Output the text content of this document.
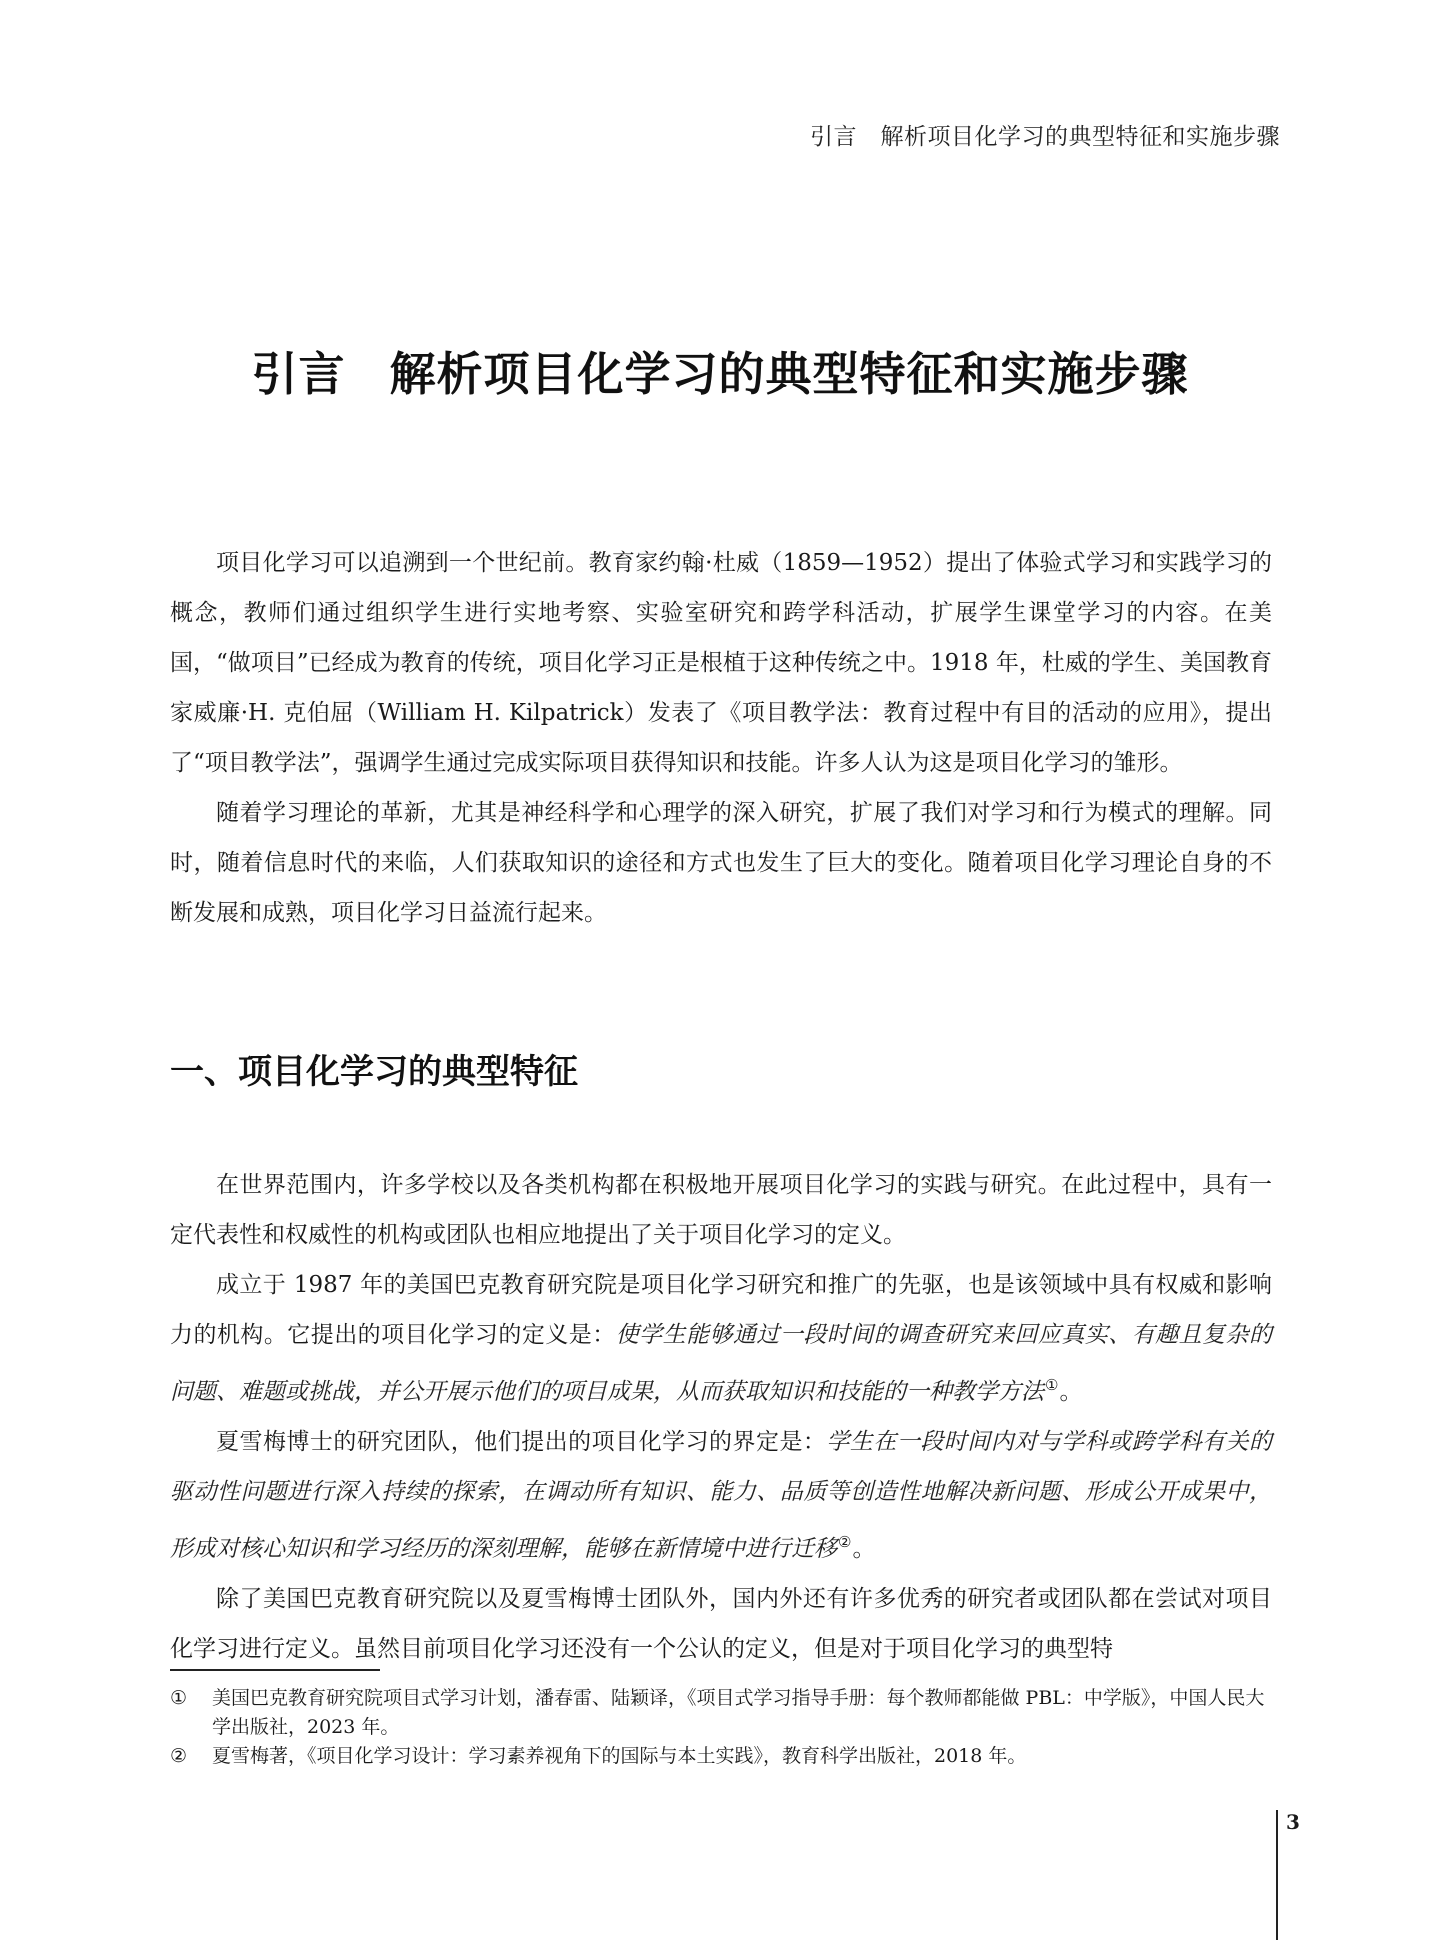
引言　解析项目化学习的典型特征和实施步骤
引言 解析项目化学习的典型特征和实施步骤

项目化学习可以追溯到一个世纪前。教育家约翰·杜威（1859—1952）提出了体验式学习和实践学习的概念，教师们通过组织学生进行实地考察、实验室研究和跨学科活动，扩展学生课堂学习的内容。在美国，“做项目”已经成为教育的传统，项目化学习正是根植于这种传统之中。1918 年，杜威的学生、美国教育家威廉·H. 克伯屈（William H. Kilpatrick）发表了《项目教学法：教育过程中有目的活动的应用》，提出了“项目教学法”，强调学生通过完成实际项目获得知识和技能。许多人认为这是项目化学习的雏形。

随着学习理论的革新，尤其是神经科学和心理学的深入研究，扩展了我们对学习和行为模式的理解。同时，随着信息时代的来临，人们获取知识的途径和方式也发生了巨大的变化。随着项目化学习理论自身的不断发展和成熟，项目化学习日益流行起来。

一、项目化学习的典型特征

在世界范围内，许多学校以及各类机构都在积极地开展项目化学习的实践与研究。在此过程中，具有一定代表性和权威性的机构或团队也相应地提出了关于项目化学习的定义。

成立于 1987 年的美国巴克教育研究院是项目化学习研究和推广的先驱，也是该领域中具有权威和影响力的机构。它提出的项目化学习的定义是：使学生能够通过一段时间的调查研究来回应真实、有趣且复杂的问题、难题或挑战，并公开展示他们的项目成果，从而获取知识和技能的一种教学方法①。

夏雪梅博士的研究团队，他们提出的项目化学习的界定是：学生在一段时间内对与学科或跨学科有关的驱动性问题进行深入持续的探索，在调动所有知识、能力、品质等创造性地解决新问题、形成公开成果中，形成对核心知识和学习经历的深刻理解，能够在新情境中进行迁移②。

除了美国巴克教育研究院以及夏雪梅博士团队外，国内外还有许多优秀的研究者或团队都在尝试对项目化学习进行定义。虽然目前项目化学习还没有一个公认的定义，但是对于项目化学习的典型特

①	美国巴克教育研究院项目式学习计划，潘春雷、陆颖译，《项目式学习指导手册：每个教师都能做 PBL：中学版》，中国人民大学出版社，2023 年。
②	夏雪梅著，《项目化学习设计：学习素养视角下的国际与本土实践》，教育科学出版社，2018 年。
3
